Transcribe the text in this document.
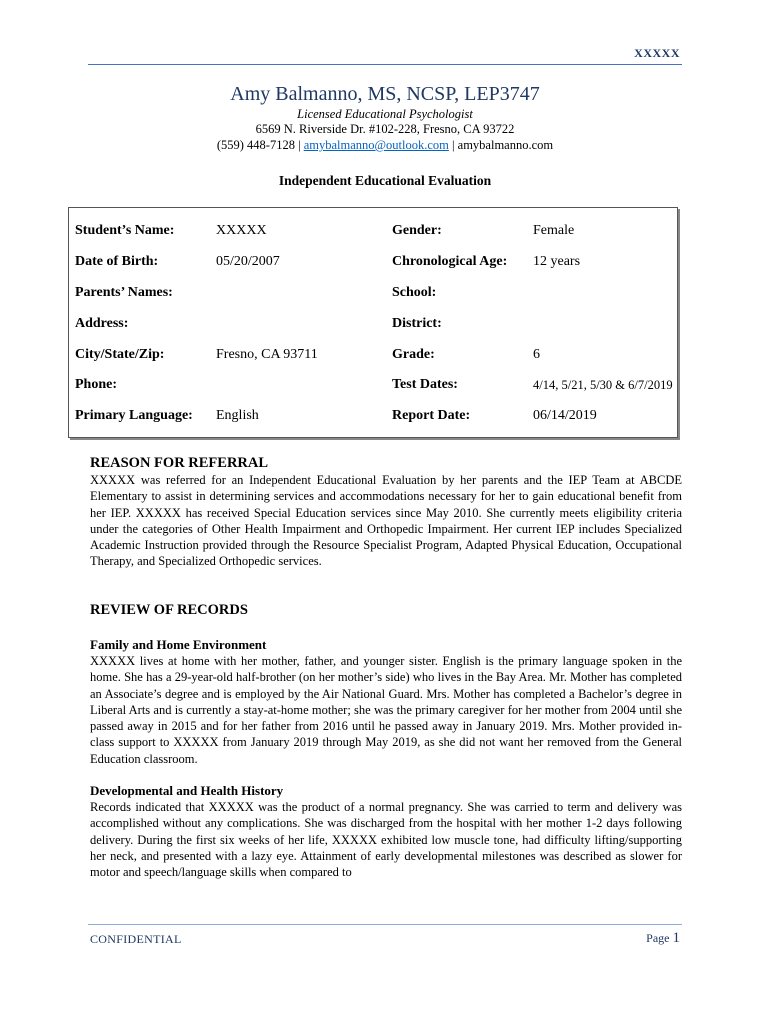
XXXXX
Amy Balmanno, MS, NCSP, LEP3747
Licensed Educational Psychologist
6569 N. Riverside Dr. #102-228, Fresno, CA 93722
(559) 448-7128 | amybalmanno@outlook.com | amybalmanno.com
Independent Educational Evaluation
Student’s Name:	XXXXX	Gender:	Female
Date of Birth:	05/20/2007	Chronological Age: 12 years
Parents’ Names:	School:
Address:	District:
City/State/Zip:	Fresno, CA 93711	Grade:	6
Phone:	Test Dates:	4/14, 5/21, 5/30 & 6/7/2019
Primary Language: English	Report Date:	06/14/2019
REASON FOR REFERRAL
XXXXX was referred for an Independent Educational Evaluation by her parents and the IEP Team at ABCDE Elementary to assist in determining services and accommodations necessary for her to gain educational benefit from her IEP. XXXXX has received Special Education services since May 2010. She currently meets eligibility criteria under the categories of Other Health Impairment and Orthopedic Impairment. Her current IEP includes Specialized Academic Instruction provided through the Resource Specialist Program, Adapted Physical Education, Occupational Therapy, and Specialized Orthopedic services.
REVIEW OF RECORDS
Family and Home Environment
XXXXX lives at home with her mother, father, and younger sister. English is the primary language spoken in the home. She has a 29-year-old half-brother (on her mother’s side) who lives in the Bay Area. Mr. Mother has completed an Associate’s degree and is employed by the Air National Guard. Mrs. Mother has completed a Bachelor’s degree in Liberal Arts and is currently a stay-at-home mother; she was the primary caregiver for her mother from 2004 until she passed away in 2015 and for her father from 2016 until he passed away in January 2019. Mrs. Mother provided in-class support to XXXXX from January 2019 through May 2019, as she did not want her removed from the General Education classroom.
Developmental and Health History
Records indicated that XXXXX was the product of a normal pregnancy. She was carried to term and delivery was accomplished without any complications. She was discharged from the hospital with her mother 1-2 days following delivery. During the first six weeks of her life, XXXXX exhibited low muscle tone, had difficulty lifting/supporting her neck, and presented with a lazy eye. Attainment of early developmental milestones was described as slower for motor and speech/language skills when compared to
CONFIDENTIAL	Page 1
